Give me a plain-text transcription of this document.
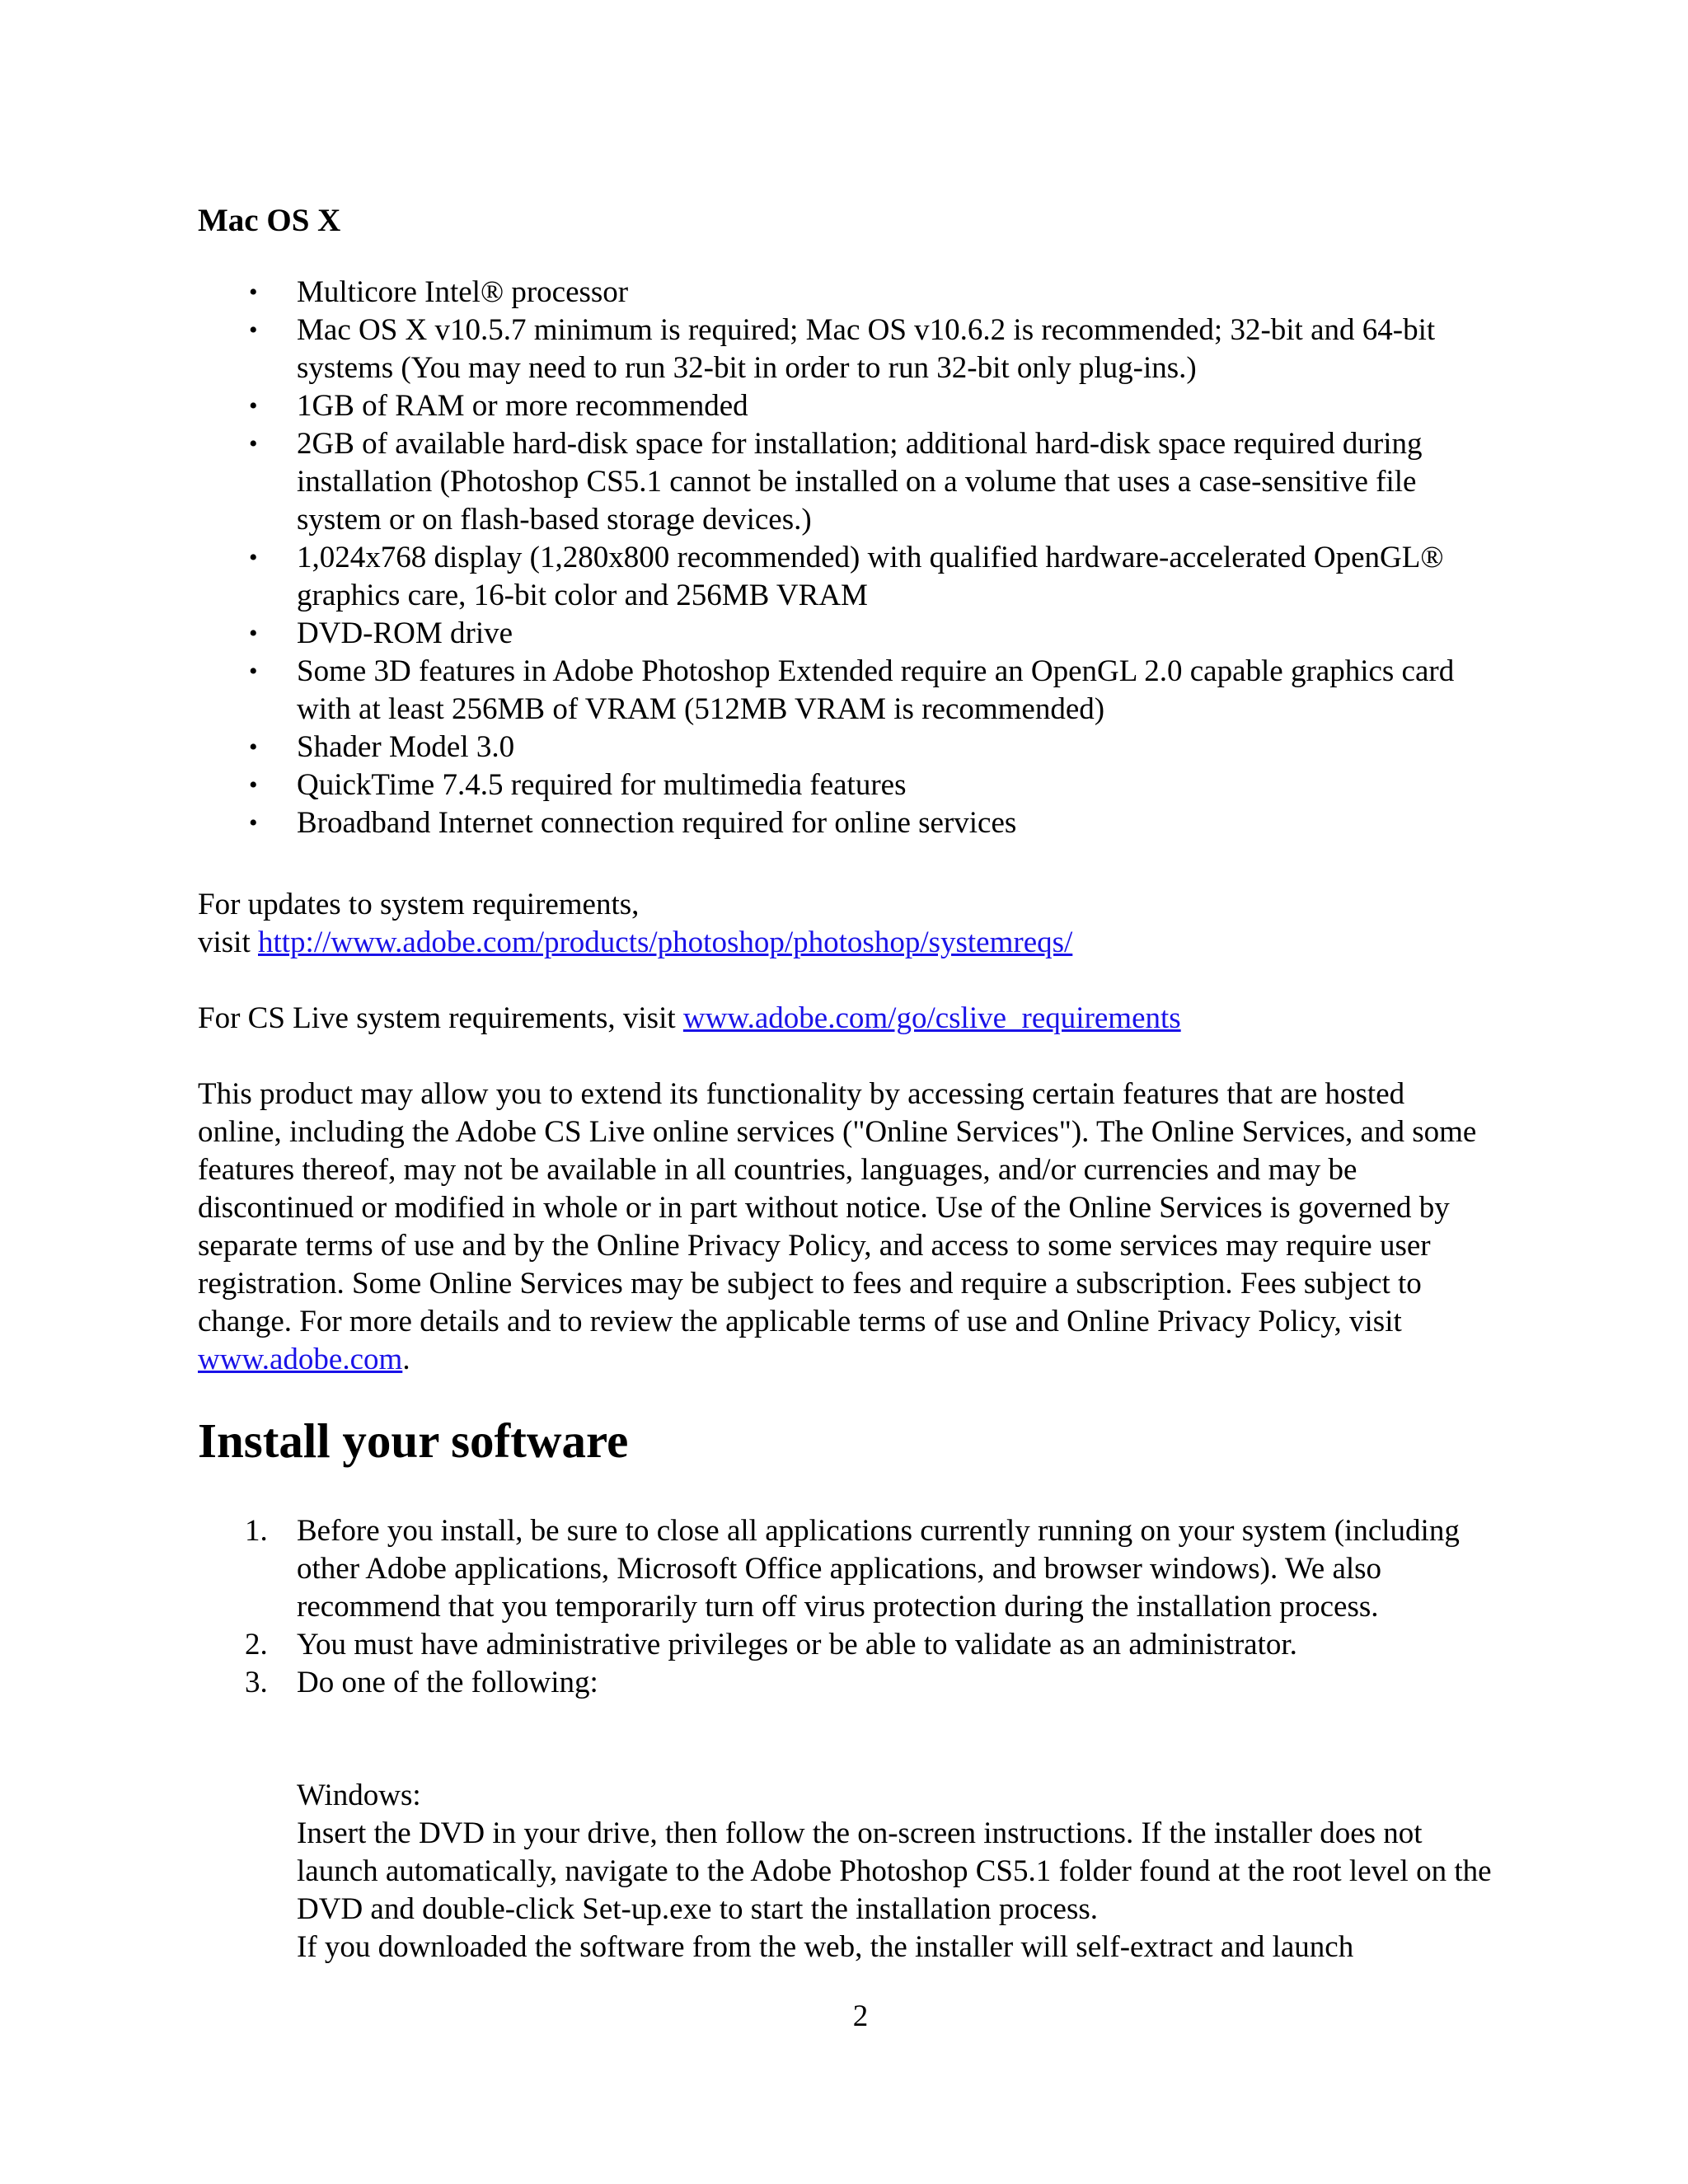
Mac OS X
• Multicore Intel® processor
• Mac OS X v10.5.7 minimum is required; Mac OS v10.6.2 is recommended; 32-bit and 64-bit systems (You may need to run 32-bit in order to run 32-bit only plug-ins.)
• 1GB of RAM or more recommended
• 2GB of available hard-disk space for installation; additional hard-disk space required during installation (Photoshop CS5.1 cannot be installed on a volume that uses a case-sensitive file system or on flash-based storage devices.)
• 1,024x768 display (1,280x800 recommended) with qualified hardware-accelerated OpenGL® graphics care, 16-bit color and 256MB VRAM
• DVD-ROM drive
• Some 3D features in Adobe Photoshop Extended require an OpenGL 2.0 capable graphics card with at least 256MB of VRAM (512MB VRAM is recommended)
• Shader Model 3.0
• QuickTime 7.4.5 required for multimedia features
• Broadband Internet connection required for online services

For updates to system requirements,
visit http://www.adobe.com/products/photoshop/photoshop/systemreqs/

For CS Live system requirements, visit www.adobe.com/go/cslive_requirements

This product may allow you to extend its functionality by accessing certain features that are hosted online, including the Adobe CS Live online services ("Online Services"). The Online Services, and some features thereof, may not be available in all countries, languages, and/or currencies and may be discontinued or modified in whole or in part without notice. Use of the Online Services is governed by separate terms of use and by the Online Privacy Policy, and access to some services may require user registration. Some Online Services may be subject to fees and require a subscription. Fees subject to change. For more details and to review the applicable terms of use and Online Privacy Policy, visit www.adobe.com.

Install your software
1. Before you install, be sure to close all applications currently running on your system (including other Adobe applications, Microsoft Office applications, and browser windows). We also recommend that you temporarily turn off virus protection during the installation process.
2. You must have administrative privileges or be able to validate as an administrator.
3. Do one of the following:

Windows:

Insert the DVD in your drive, then follow the on-screen instructions. If the installer does not launch automatically, navigate to the Adobe Photoshop CS5.1 folder found at the root level on the DVD and double-click Set-up.exe to start the installation process.

If you downloaded the software from the web, the installer will self-extract and launch

2
